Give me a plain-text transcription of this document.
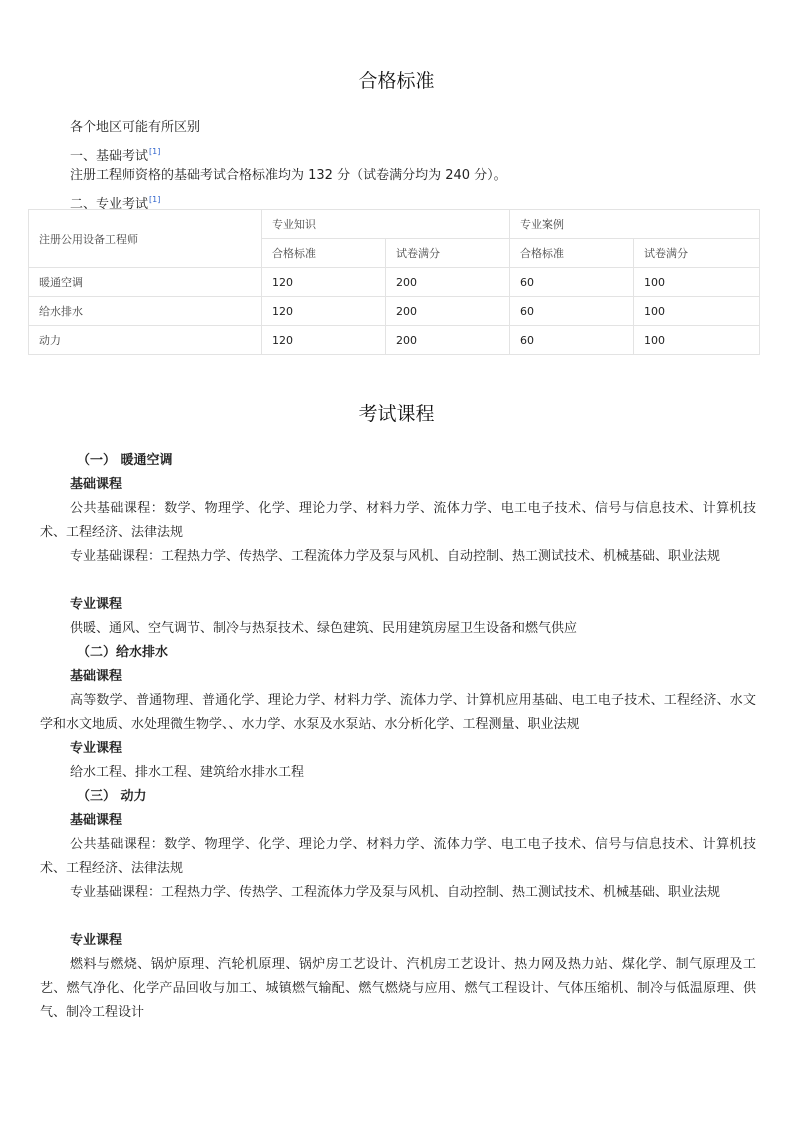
合格标准

各个地区可能有所区别

一、基础考试[1]

注册工程师资格的基础考试合格标准均为 132 分（试卷满分均为 240 分）。

二、专业考试[1]

注册公用设备工程师	专业知识		专业案例	
	合格标准	试卷满分	合格标准	试卷满分
暖通空调	120	200	60	100
给水排水	120	200	60	100
动力	120	200	60	100
考试课程

（一） 暖通空调

基础课程

公共基础课程：数学、物理学、化学、理论力学、材料力学、流体力学、电工电子技术、信号与信息技术、计算机技术、工程经济、法律法规

专业基础课程：工程热力学、传热学、工程流体力学及泵与风机、自动控制、热工测试技术、机械基础、职业法规

专业课程

供暖、通风、空气调节、制冷与热泵技术、绿色建筑、民用建筑房屋卫生设备和燃气供应

（二）给水排水

基础课程

高等数学、普通物理、普通化学、理论力学、材料力学、流体力学、计算机应用基础、电工电子技术、工程经济、水文学和水文地质、水处理微生物学、、水力学、水泵及水泵站、水分析化学、工程测量、职业法规

专业课程

给水工程、排水工程、建筑给水排水工程

（三） 动力

基础课程

公共基础课程：数学、物理学、化学、理论力学、材料力学、流体力学、电工电子技术、信号与信息技术、计算机技术、工程经济、法律法规

专业基础课程：工程热力学、传热学、工程流体力学及泵与风机、自动控制、热工测试技术、机械基础、职业法规

专业课程

燃料与燃烧、锅炉原理、汽轮机原理、锅炉房工艺设计、汽机房工艺设计、热力网及热力站、煤化学、制气原理及工艺、燃气净化、化学产品回收与加工、城镇燃气输配、燃气燃烧与应用、燃气工程设计、气体压缩机、制冷与低温原理、供气、制冷工程设计
